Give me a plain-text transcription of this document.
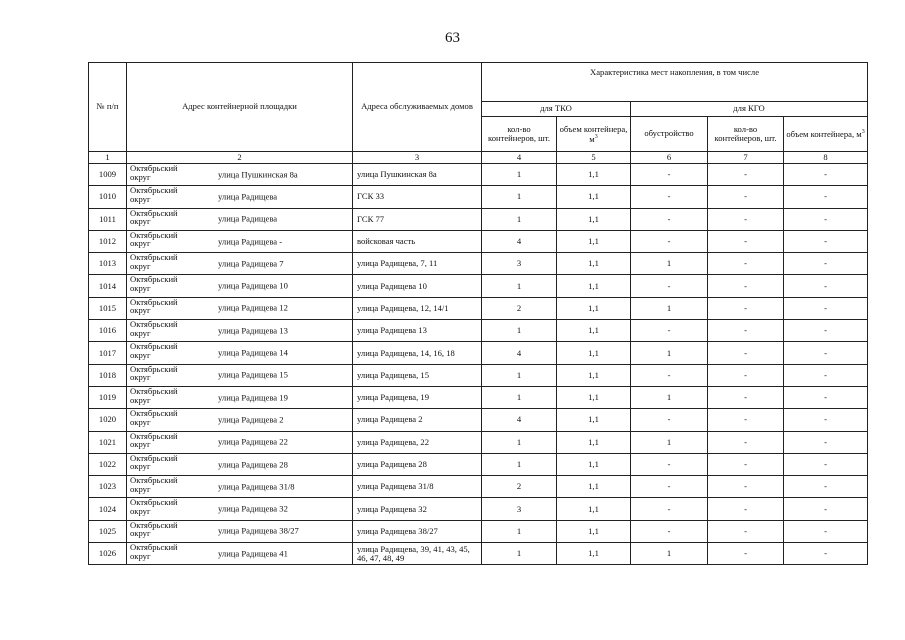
63
№ п/п	Адрес контейнерной площадки	Адреса обслуживаемых домов	Характеристика мест накопления, в том числе				
			для ТКО		для КГО		
			кол-во контейнеров, шт.	объем контейнера, $м^3$	обустройство	кол-во контейнеров, шт.	объем контейнера, $м^3$
1	2	3	4	5	6	7	8
1009	Октябрьский округ улица Пушкинская 8а	улица Пушкинская 8а	1	1,1	-	-	-
1010	Октябрьский округ улица Радищева	ГСК 33	1	1,1	-	-	-
1011	Октябрьский округ улица Радищева	ГСК 77	1	1,1	-	-	-
1012	Октябрьский округ улица Радищева -	войсковая часть	4	1,1	-	-	-
1013	Октябрьский округ улица Радищева 7	улица Радищева, 7, 11	3	1,1	1	-	-
1014	Октябрьский округ улица Радищева 10	улица Радищева 10	1	1,1	-	-	-
1015	Октябрьский округ улица Радищева 12	улица Радищева, 12, 14/1	2	1,1	1	-	-
1016	Октябрьский округ улица Радищева 13	улица Радищева 13	1	1,1	-	-	-
1017	Октябрьский округ улица Радищева 14	улица Радищева, 14, 16, 18	4	1,1	1	-	-
1018	Октябрьский округ улица Радищева 15	улица Радищева, 15	1	1,1	-	-	-
1019	Октябрьский округ улица Радищева 19	улица Радищева, 19	1	1,1	1	-	-
1020	Октябрьский округ улица Радищева 2	улица Радищева 2	4	1,1	-	-	-
1021	Октябрьский округ улица Радищева 22	улица Радищева, 22	1	1,1	1	-	-
1022	Октябрьский округ улица Радищева 28	улица Радищева 28	1	1,1	-	-	-
1023	Октябрьский округ улица Радищева 31/8	улица Радищева 31/8	2	1,1	-	-	-
1024	Октябрьский округ улица Радищева 32	улица Радищева 32	3	1,1	-	-	-
1025	Октябрьский округ улица Радищева 38/27	улица Радищева 38/27	1	1,1	-	-	-
1026	Октябрьский округ улица Радищева 41	улица Радищева, 39, 41, 43, 45, 46, 47, 48, 49	1	1,1	1	-	-
